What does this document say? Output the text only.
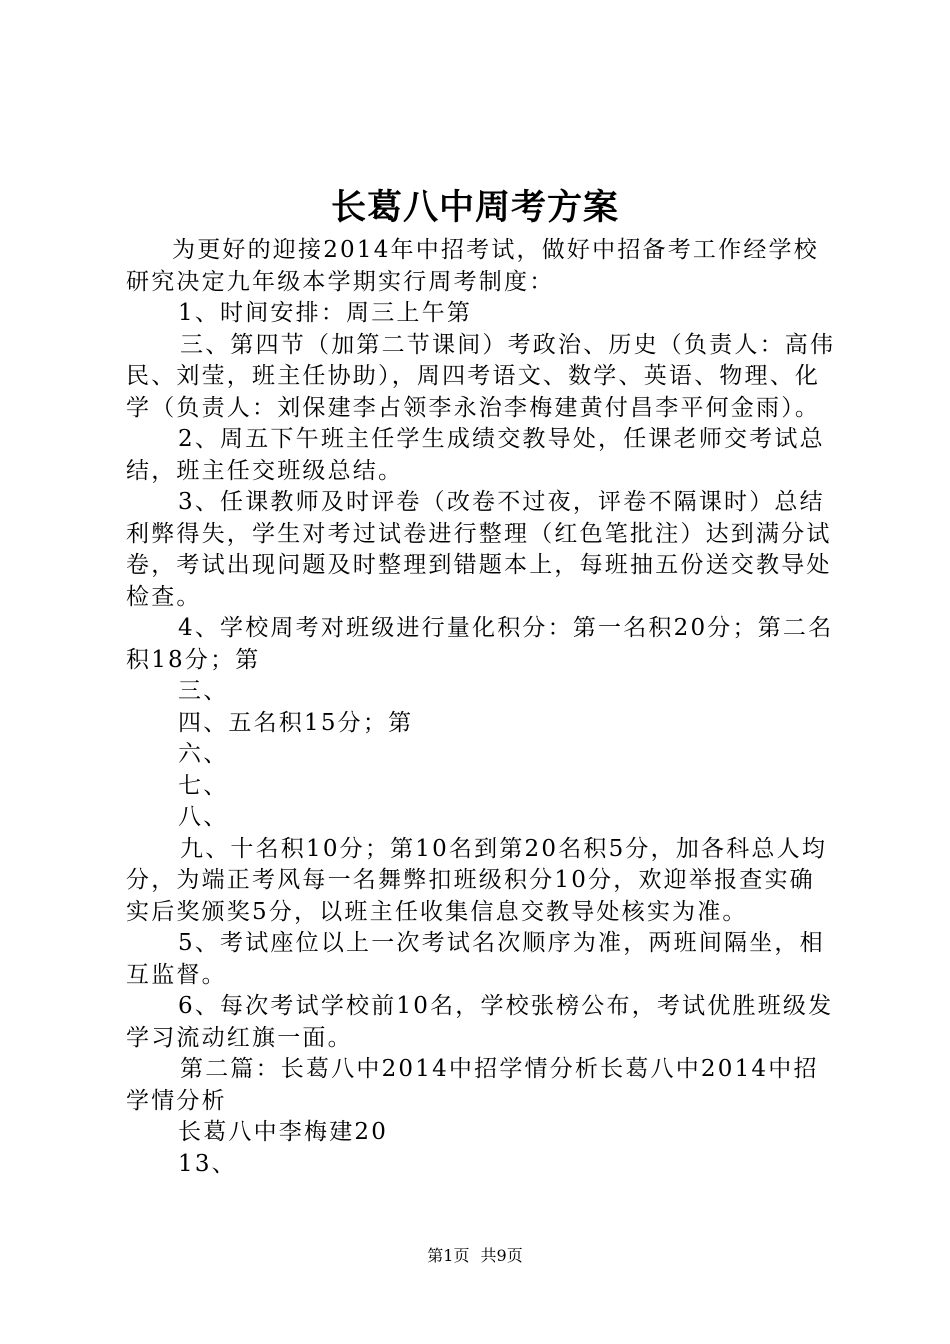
长葛八中周考方案

为更好的迎接2014年中招考试，做好中招备考工作经学校研究决定九年级本学期实行周考制度：

1、时间安排：周三上午第

三、第四节（加第二节课间）考政治、历史（负责人：高伟民、刘莹，班主任协助），周四考语文、数学、英语、物理、化学（负责人：刘保建李占领李永治李梅建黄付昌李平何金雨）。

2、周五下午班主任学生成绩交教导处，任课老师交考试总结，班主任交班级总结。

3、任课教师及时评卷（改卷不过夜，评卷不隔课时）总结利弊得失，学生对考过试卷进行整理（红色笔批注）达到满分试卷，考试出现问题及时整理到错题本上，每班抽五份送交教导处检查。

4、学校周考对班级进行量化积分：第一名积20分；第二名积18分；第

三、

四、五名积15分；第

六、

七、

八、

九、十名积10分；第10名到第20名积5分，加各科总人均分，为端正考风每一名舞弊扣班级积分10分，欢迎举报查实确实后奖颁奖5分，以班主任收集信息交教导处核实为准。

5、考试座位以上一次考试名次顺序为准，两班间隔坐，相互监督。

6、每次考试学校前10名，学校张榜公布，考试优胜班级发学习流动红旗一面。

第二篇：长葛八中2014中招学情分析长葛八中2014中招学情分析

长葛八中李梅建20

13、

第1页 共9页
